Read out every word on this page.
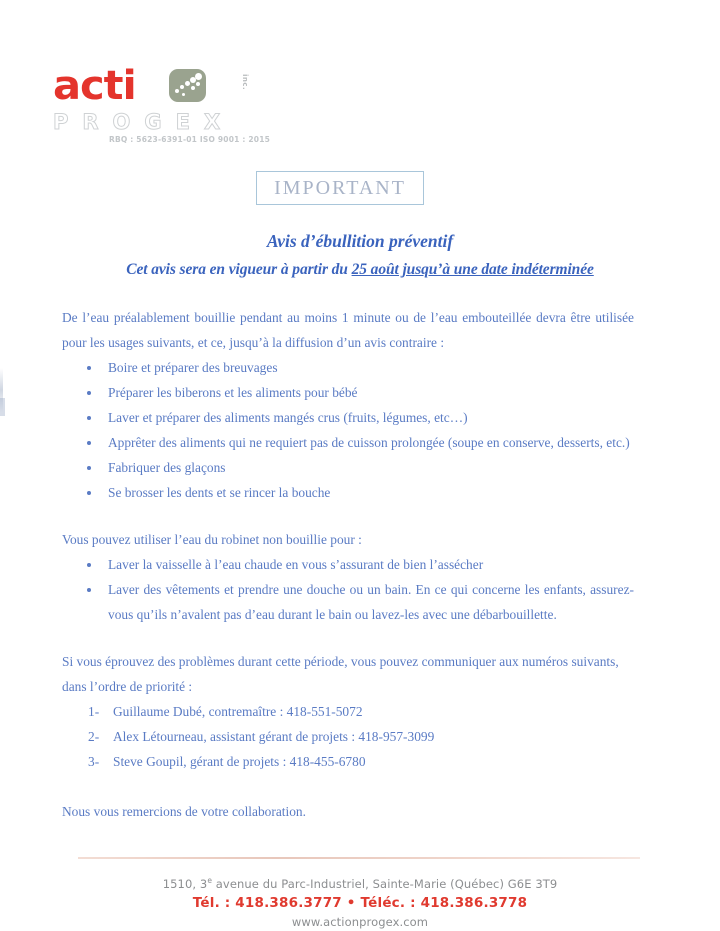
acti	inc.
PROGEX
RBQ : 5623-6391-01 ISO 9001 : 2015
IMPORTANT
Avis d’ébullition préventif
Cet avis sera en vigueur à partir du 25 août jusqu’à une date indéterminée

De l’eau préalablement bouillie pendant au moins 1 minute ou de l’eau embouteillée devra être utilisée pour les usages suivants, et ce, jusqu’à la diffusion d’un avis contraire :

Boire et préparer des breuvages
Préparer les biberons et les aliments pour bébé
Laver et préparer des aliments mangés crus (fruits, légumes, etc…)
Apprêter des aliments qui ne requiert pas de cuisson prolongée (soupe en conserve, desserts, etc.)
Fabriquer des glaçons
Se brosser les dents et se rincer la bouche

Vous pouvez utiliser l’eau du robinet non bouillie pour :

Laver la vaisselle à l’eau chaude en vous s’assurant de bien l’assécher
Laver des vêtements et prendre une douche ou un bain. En ce qui concerne les enfants, assurez-vous qu’ils n’avalent pas d’eau durant le bain ou lavez-les avec une débarbouillette.

Si vous éprouvez des problèmes durant cette période, vous pouvez communiquer aux numéros suivants, dans l’ordre de priorité :

1- Guillaume Dubé, contremaître : 418-551-5072
2- Alex Létourneau, assistant gérant de projets : 418-957-3099
3- Steve Goupil, gérant de projets : 418-455-6780

Nous vous remercions de votre collaboration.

1510, 3e avenue du Parc-Industriel, Sainte-Marie (Québec) G6E 3T9
Tél. : 418.386.3777 • Téléc. : 418.386.3778
www.actionprogex.com
